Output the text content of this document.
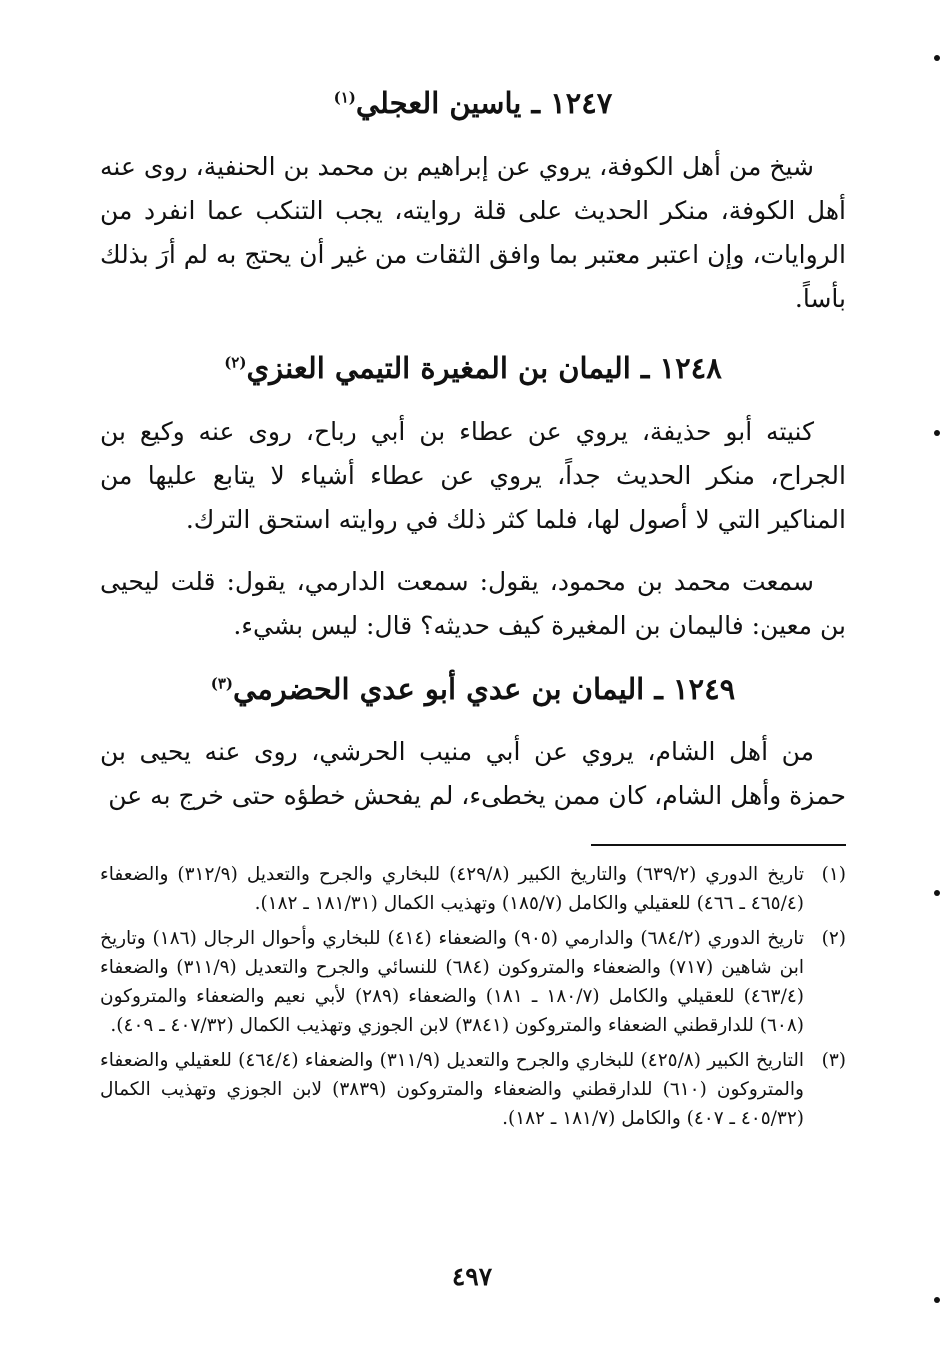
١٢٤٧ ـ ياسين العجلي$^{(١)}$

شيخ من أهل الكوفة، يروي عن إبراهيم بن محمد بن الحنفية، روى عنه أهل الكوفة، منكر الحديث على قلة روايته، يجب التنكب عما انفرد من الروايات، وإن اعتبر معتبر بما وافق الثقات من غير أن يحتج به لم أرَ بذلك بأساً.

١٢٤٨ ـ اليمان بن المغيرة التيمي العنزي$^{(٢)}$

كنيته أبو حذيفة، يروي عن عطاء بن أبي رباح، روى عنه وكيع بن الجراح، منكر الحديث جداً، يروي عن عطاء أشياء لا يتابع عليها من المناكير التي لا أصول لها، فلما كثر ذلك في روايته استحق الترك.

سمعت محمد بن محمود، يقول: سمعت الدارمي، يقول: قلت ليحيى بن معين: فاليمان بن المغيرة كيف حديثه؟ قال: ليس بشيء.

١٢٤٩ ـ اليمان بن عدي أبو عدي الحضرمي$^{(٣)}$

من أهل الشام، يروي عن أبي منيب الحرشي، روى عنه يحيى بن حمزة وأهل الشام، كان ممن يخطىء، لم يفحش خطؤه حتى خرج به عن

(١)
تاريخ الدوري (٦٣٩/٢) والتاريخ الكبير (٤٢٩/٨) للبخاري والجرح والتعديل (٣١٢/٩) والضعفاء (٤٦٥/٤ ـ ٤٦٦) للعقيلي والكامل (١٨٥/٧) وتهذيب الكمال (١٨١/٣١ ـ ١٨٢).
(٢)
تاريخ الدوري (٦٨٤/٢) والدارمي (٩٠٥) والضعفاء (٤١٤) للبخاري وأحوال الرجال (١٨٦) وتاريخ ابن شاهين (٧١٧) والضعفاء والمتروكون (٦٨٤) للنسائي والجرح والتعديل (٣١١/٩) والضعفاء (٤٦٣/٤) للعقيلي والكامل (١٨٠/٧ ـ ١٨١) والضعفاء (٢٨٩) لأبي نعيم والضعفاء والمتروكون (٦٠٨) للدارقطني الضعفاء والمتروكون (٣٨٤١) لابن الجوزي وتهذيب الكمال (٤٠٧/٣٢ ـ ٤٠٩).
(٣)
التاريخ الكبير (٤٢٥/٨) للبخاري والجرح والتعديل (٣١١/٩) والضعفاء (٤٦٤/٤) للعقيلي والضعفاء والمتروكون (٦١٠) للدارقطني والضعفاء والمتروكون (٣٨٣٩) لابن الجوزي وتهذيب الكمال (٤٠٥/٣٢ ـ ٤٠٧) والكامل (١٨١/٧ ـ ١٨٢).
٤٩٧
